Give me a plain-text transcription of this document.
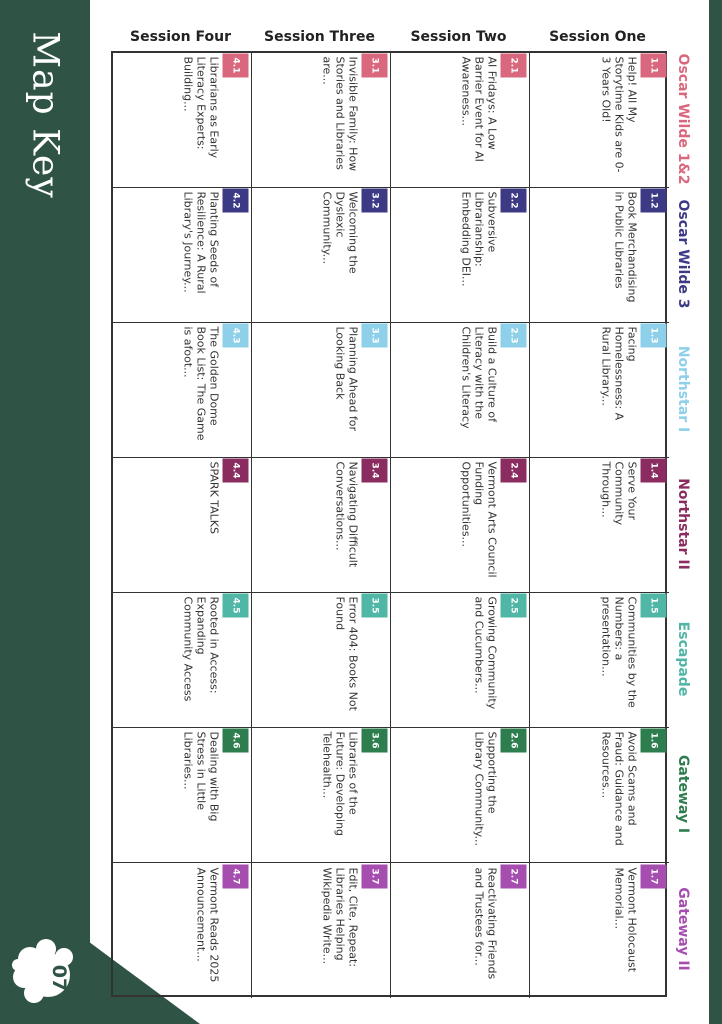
Map Key
07
Session One
Session Two
Session Three
Session Four
1.1
Help! All My Storytime Kids are 0-3 Years Old!
1.2
Book Merchandising in Public Libraries
1.3
Facing Homelessness: A Rural Library...
1.4
Serve Your Community Through...
1.5
Communities by the Numbers: a presentation...
1.6
Avoid Scams and Fraud: Guidance and Resources...
1.7
Vermont Holocaust Memorial...
2.1
AI Fridays: A Low Barrier Event for AI Awareness...
2.2
Subversive Librarianship: Embedding DEI...
2.3
Build a Culture of Literacy with the Children's Literacy
2.4
Vermont Arts Council Funding Opportunities...
2.5
Growing Community and Cucumbers...
2.6
Supporting the Library Community...
2.7
Reactivating Friends and Trustees for...
3.1
Invisible Family: How Stories and Libraries are...
3.2
Welcoming the Dyslexic Community...
3.3
Planning Ahead for Looking Back
3.4
Navigating Difficult Conversations...
3.5
Error 404: Books Not Found
3.6
Libraries of the Future: Developing Telehealth...
3.7
Edit, Cite, Repeat: Libraries Helping Wikipedia Write...
4.1
Librarians as Early Literacy Experts: Building...
4.2
Planting Seeds of Resilience: A Rural Library's Journey...
4.3
The Golden Dome Book List: The Game is afoot...
4.4
SPARK TALKS
4.5
Rooted in Access: Expanding Community Access
4.6
Dealing with Big Stress in Little Libraries...
4.7
Vermont Reads 2025 Announcement...
Oscar Wilde 1&2
Oscar Wilde 3
Northstar I
Northstar II
Escapade
Gateway I
Gateway II
